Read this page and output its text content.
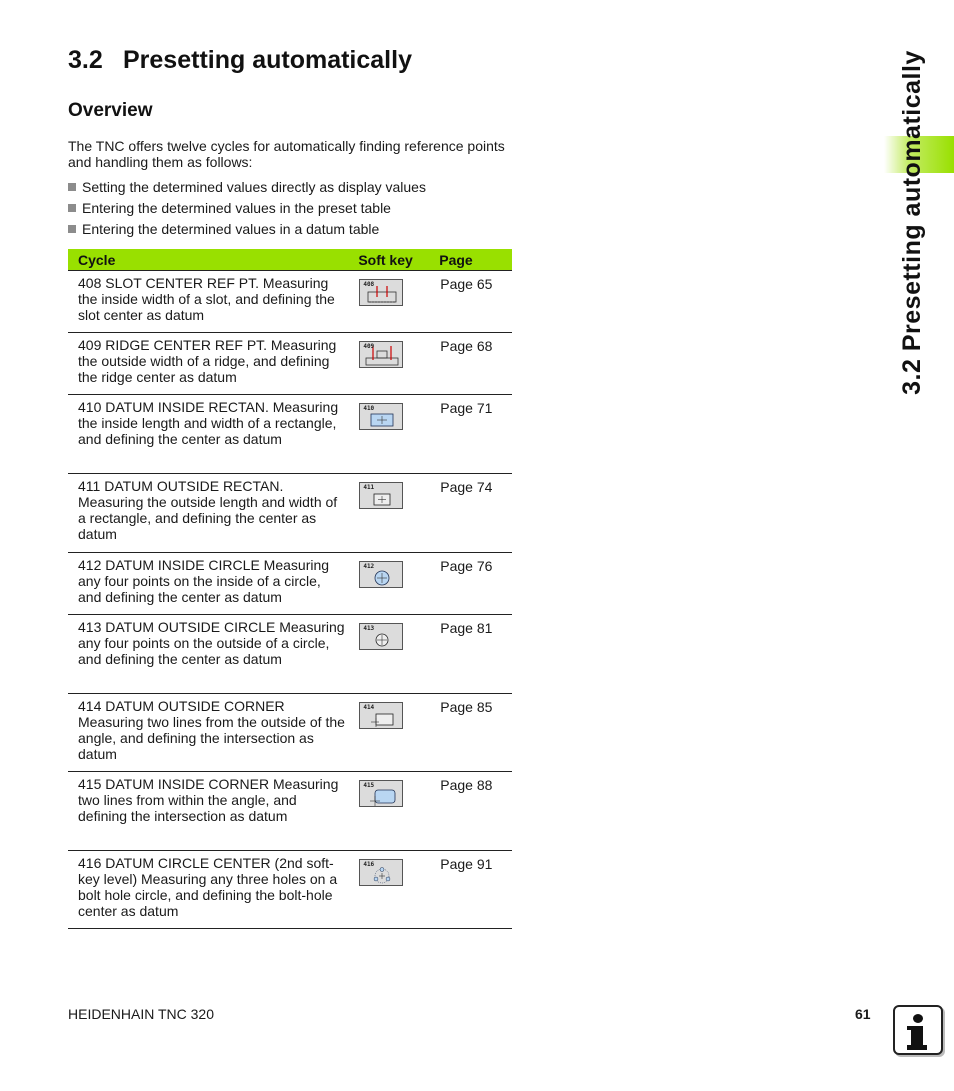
3.2 Presetting automatically
Overview

The TNC offers twelve cycles for automatically finding reference points and handling them as follows:

Setting the determined values directly as display values
Entering the determined values in the preset table
Entering the determined values in a datum table
Cycle	Soft key	Page
408 SLOT CENTER REF PT. Measuring the inside width of a slot, and defining the slot center as datum	408	Page 65
409 RIDGE CENTER REF PT. Measuring the outside width of a ridge, and defining the ridge center as datum	409	Page 68
410 DATUM INSIDE RECTAN. Measuring the inside length and width of a rectangle, and defining the center as datum	410	Page 71
411 DATUM OUTSIDE RECTAN. Measuring the outside length and width of a rectangle, and defining the center as datum	411	Page 74
412 DATUM INSIDE CIRCLE Measuring any four points on the inside of a circle, and defining the center as datum	412	Page 76
413 DATUM OUTSIDE CIRCLE Measuring any four points on the outside of a circle, and defining the center as datum	413	Page 81
414 DATUM OUTSIDE CORNER Measuring two lines from the outside of the angle, and defining the intersection as datum	414	Page 85
415 DATUM INSIDE CORNER Measuring two lines from within the angle, and defining the intersection as datum	415	Page 88
416 DATUM CIRCLE CENTER (2nd soft-key level) Measuring any three holes on a bolt hole circle, and defining the bolt-hole center as datum	416	Page 91
3.2 Presetting automatically

HEIDENHAIN TNC 320	61
